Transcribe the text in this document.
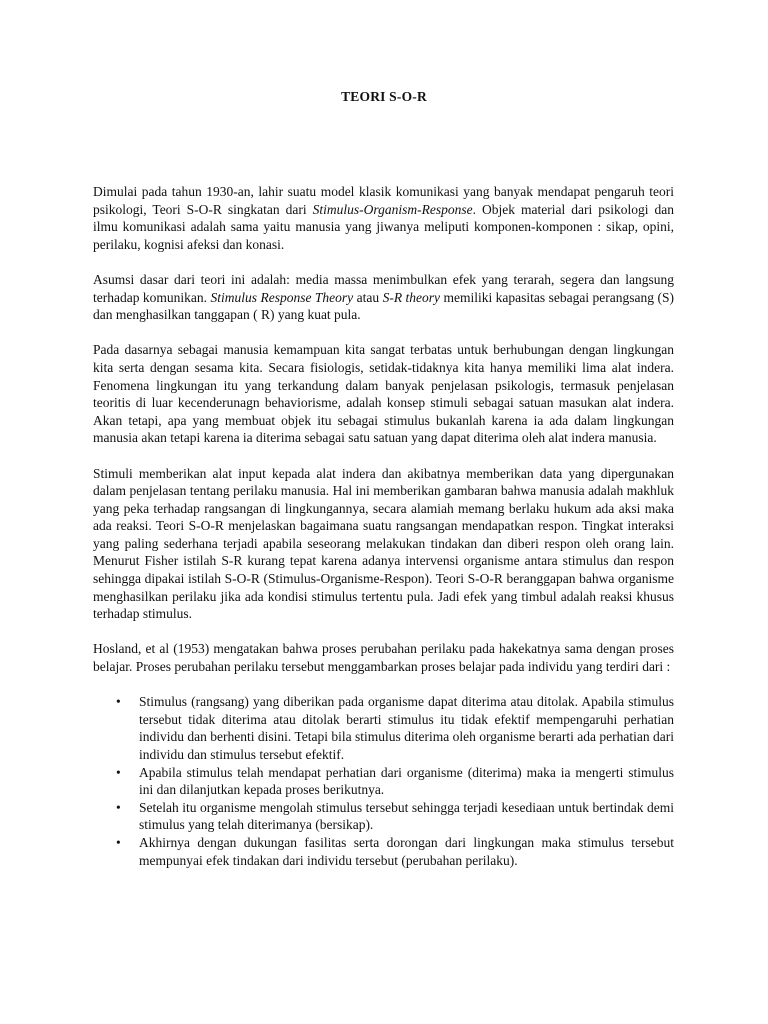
TEORI S-O-R

Dimulai pada tahun 1930-an, lahir suatu model klasik komunikasi yang banyak mendapat pengaruh teori psikologi, Teori S-O-R singkatan dari Stimulus-Organism-Response. Objek material dari psikologi dan ilmu komunikasi adalah sama yaitu manusia yang jiwanya meliputi komponen-komponen : sikap, opini, perilaku, kognisi afeksi dan konasi.

Asumsi dasar dari teori ini adalah: media massa menimbulkan efek yang terarah, segera dan langsung terhadap komunikan. Stimulus Response Theory atau S-R theory memiliki kapasitas sebagai perangsang (S) dan menghasilkan tanggapan ( R) yang kuat pula.

Pada dasarnya sebagai manusia kemampuan kita sangat terbatas untuk berhubungan dengan lingkungan kita serta dengan sesama kita. Secara fisiologis, setidak-tidaknya kita hanya memiliki lima alat indera. Fenomena lingkungan itu yang terkandung dalam banyak penjelasan psikologis, termasuk penjelasan teoritis di luar kecenderunagn behaviorisme, adalah konsep stimuli sebagai satuan masukan alat indera. Akan tetapi, apa yang membuat objek itu sebagai stimulus bukanlah karena ia ada dalam lingkungan manusia akan tetapi karena ia diterima sebagai satu satuan yang dapat diterima oleh alat indera manusia.

Stimuli memberikan alat input kepada alat indera dan akibatnya memberikan data yang dipergunakan dalam penjelasan tentang perilaku manusia. Hal ini memberikan gambaran bahwa manusia adalah makhluk yang peka terhadap rangsangan di lingkungannya, secara alamiah memang berlaku hukum ada aksi maka ada reaksi. Teori S-O-R menjelaskan bagaimana suatu rangsangan mendapatkan respon. Tingkat interaksi yang paling sederhana terjadi apabila seseorang melakukan tindakan dan diberi respon oleh orang lain. Menurut Fisher istilah S-R kurang tepat karena adanya intervensi organisme antara stimulus dan respon sehingga dipakai istilah S-O-R (Stimulus-Organisme-Respon). Teori S-O-R beranggapan bahwa organisme menghasilkan perilaku jika ada kondisi stimulus tertentu pula. Jadi efek yang timbul adalah reaksi khusus terhadap stimulus.

Hosland, et al (1953) mengatakan bahwa proses perubahan perilaku pada hakekatnya sama dengan proses belajar. Proses perubahan perilaku tersebut menggambarkan proses belajar pada individu yang terdiri dari :

• Stimulus (rangsang) yang diberikan pada organisme dapat diterima atau ditolak. Apabila stimulus tersebut tidak diterima atau ditolak berarti stimulus itu tidak efektif mempengaruhi perhatian individu dan berhenti disini. Tetapi bila stimulus diterima oleh organisme berarti ada perhatian dari individu dan stimulus tersebut efektif.
• Apabila stimulus telah mendapat perhatian dari organisme (diterima) maka ia mengerti stimulus ini dan dilanjutkan kepada proses berikutnya.
• Setelah itu organisme mengolah stimulus tersebut sehingga terjadi kesediaan untuk bertindak demi stimulus yang telah diterimanya (bersikap).
• Akhirnya dengan dukungan fasilitas serta dorongan dari lingkungan maka stimulus tersebut mempunyai efek tindakan dari individu tersebut (perubahan perilaku).
